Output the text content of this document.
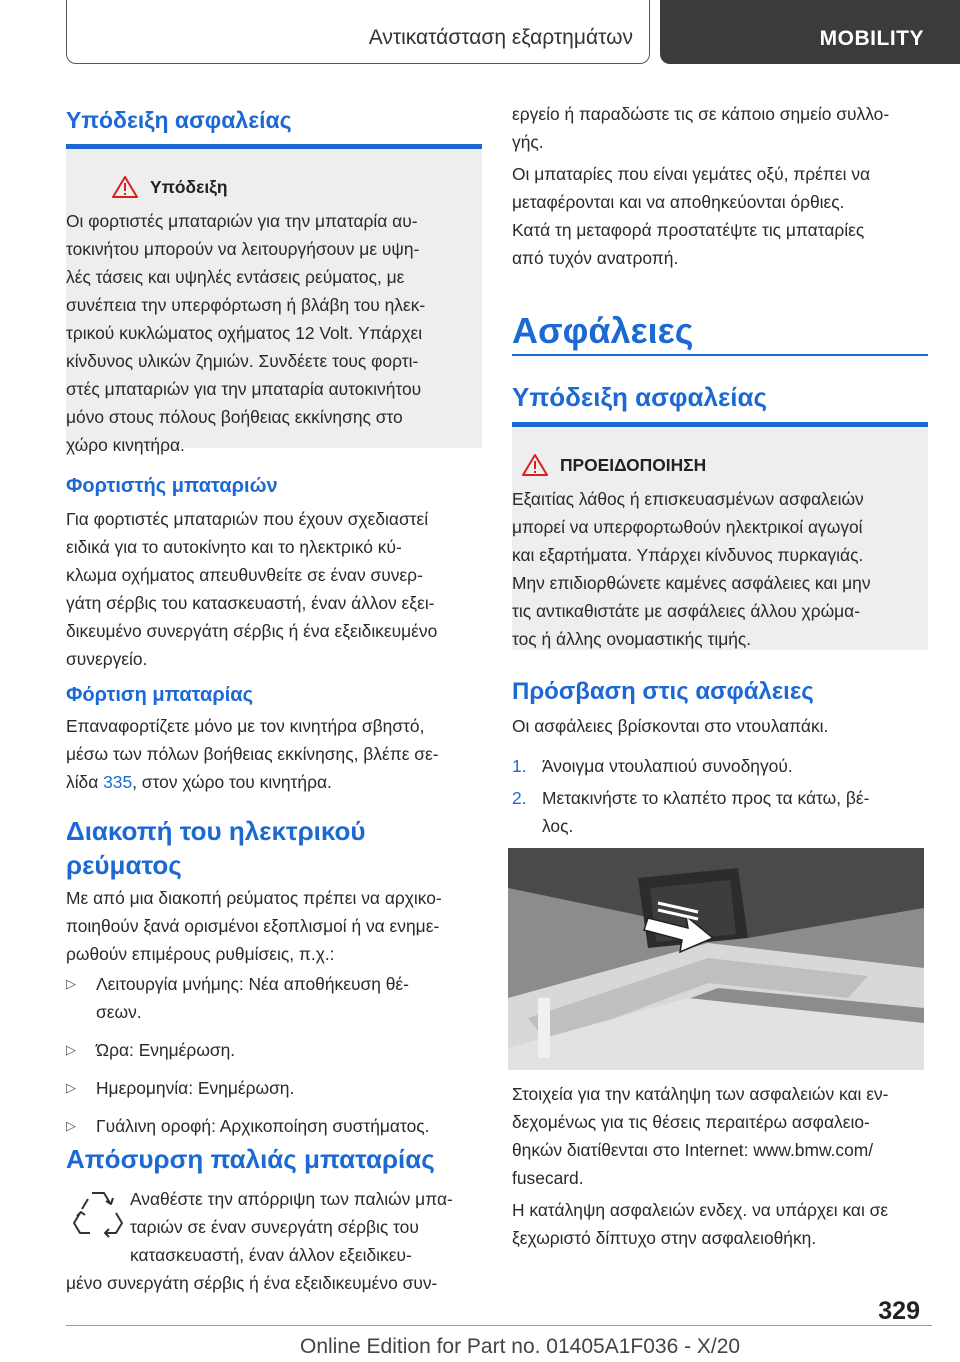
Αντικατάσταση εξαρτημάτων	MOBILITY
Υπόδειξη ασφαλείας
Υπόδειξη

Οι φορτιστές μπαταριών για την μπαταρία αυ-

τοκινήτου μπορούν να λειτουργήσουν με υψη-

λές τάσεις και υψηλές εντάσεις ρεύματος, με

συνέπεια την υπερφόρτωση ή βλάβη του ηλεκ-

τρικού κυκλώματος οχήματος 12 Volt. Υπάρχει

κίνδυνος υλικών ζημιών. Συνδέετε τους φορτι-

στές μπαταριών για την μπαταρία αυτοκινήτου

μόνο στους πόλους βοήθειας εκκίνησης στο

χώρο κινητήρα.

Φορτιστής μπαταριών

Για φορτιστές μπαταριών που έχουν σχεδιαστεί

ειδικά για το αυτοκίνητο και το ηλεκτρικό κύ-

κλωμα οχήματος απευθυνθείτε σε έναν συνερ-

γάτη σέρβις του κατασκευαστή, έναν άλλον εξει-

δικευμένο συνεργάτη σέρβις ή ένα εξειδικευμένο

συνεργείο.

Φόρτιση μπαταρίας

Επαναφορτίζετε μόνο με τον κινητήρα σβηστό,

μέσω των πόλων βοήθειας εκκίνησης, βλέπε σε-

λίδα 335, στον χώρο του κινητήρα.

Διακοπή του ηλεκτρικού
ρεύματος

Με από μια διακοπή ρεύματος πρέπει να αρχικο-

ποιηθούν ξανά ορισμένοι εξοπλισμοί ή να ενημε-

ρωθούν επιμέρους ρυθμίσεις, π.χ.:

▷	Λειτουργία μνήμης: Νέα αποθήκευση θέ-

σεων.

▷	Ώρα: Ενημέρωση.

▷	Ημερομηνία: Ενημέρωση.

▷	Γυάλινη οροφή: Αρχικοποίηση συστήματος.

Απόσυρση παλιάς μπαταρίας

Αναθέστε την απόρριψη των παλιών μπα-

ταριών σε έναν συνεργάτη σέρβις του

κατασκευαστή, έναν άλλον εξειδικευ-

μένο συνεργάτη σέρβις ή ένα εξειδικευμένο συν-

εργείο ή παραδώστε τις σε κάποιο σημείο συλλο-

γής.

Οι μπαταρίες που είναι γεμάτες οξύ, πρέπει να

μεταφέρονται και να αποθηκεύονται όρθιες.

Κατά τη μεταφορά προστατέψτε τις μπαταρίες

από τυχόν ανατροπή.

Ασφάλειες
Υπόδειξη ασφαλείας
ΠΡΟΕΙΔΟΠΟΙΗΣΗ

Εξαιτίας λάθος ή επισκευασμένων ασφαλειών

μπορεί να υπερφορτωθούν ηλεκτρικοί αγωγοί

και εξαρτήματα. Υπάρχει κίνδυνος πυρκαγιάς.

Μην επιδιορθώνετε καμένες ασφάλειες και μην

τις αντικαθιστάτε με ασφάλειες άλλου χρώμα-

τος ή άλλης ονομαστικής τιμής.

Πρόσβαση στις ασφάλειες

Οι ασφάλειες βρίσκονται στο ντουλαπάκι.

1. Άνοιγμα ντουλαπιού συνοδηγού.

2. Μετακινήστε το κλαπέτο προς τα κάτω, βέ-

λος.

Στοιχεία για την κατάληψη των ασφαλειών και εν-

δεχομένως για τις θέσεις περαιτέρω ασφαλειο-

θηκών διατίθενται στο Internet: www.bmw.com/

fusecard.

Η κατάληψη ασφαλειών ενδεχ. να υπάρχει και σε

ξεχωριστό δίπτυχο στην ασφαλειοθήκη.

329
Online Edition for Part no. 01405A1F036 - X/20
